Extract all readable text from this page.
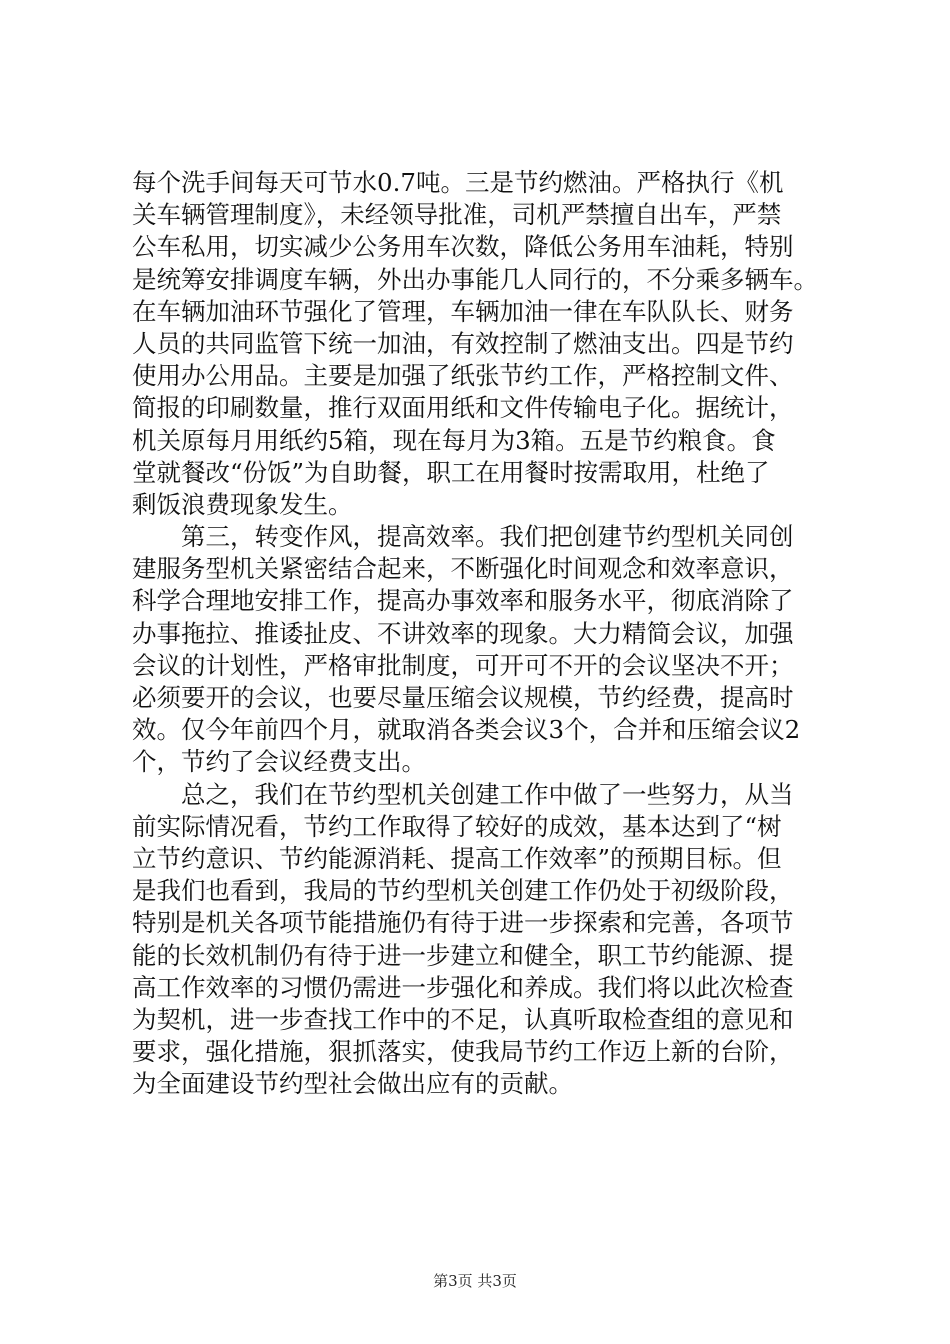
每个洗手间每天可节水0.7吨。三是节约燃油。严格执行《机
关车辆管理制度》，未经领导批准，司机严禁擅自出车，严禁
公车私用，切实减少公务用车次数，降低公务用车油耗，特别
是统筹安排调度车辆，外出办事能几人同行的，不分乘多辆车。
在车辆加油环节强化了管理，车辆加油一律在车队队长、财务
人员的共同监管下统一加油，有效控制了燃油支出。四是节约
使用办公用品。主要是加强了纸张节约工作，严格控制文件、
简报的印刷数量，推行双面用纸和文件传输电子化。据统计，
机关原每月用纸约5箱，现在每月为3箱。五是节约粮食。食
堂就餐改“份饭”为自助餐，职工在用餐时按需取用，杜绝了
剩饭浪费现象发生。
　　第三，转变作风，提高效率。我们把创建节约型机关同创
建服务型机关紧密结合起来，不断强化时间观念和效率意识，
科学合理地安排工作，提高办事效率和服务水平，彻底消除了
办事拖拉、推诿扯皮、不讲效率的现象。大力精简会议，加强
会议的计划性，严格审批制度，可开可不开的会议坚决不开；
必须要开的会议，也要尽量压缩会议规模，节约经费，提高时
效。仅今年前四个月，就取消各类会议3个，合并和压缩会议2
个，节约了会议经费支出。
　　总之，我们在节约型机关创建工作中做了一些努力，从当
前实际情况看，节约工作取得了较好的成效，基本达到了“树
立节约意识、节约能源消耗、提高工作效率”的预期目标。但
是我们也看到，我局的节约型机关创建工作仍处于初级阶段，
特别是机关各项节能措施仍有待于进一步探索和完善，各项节
能的长效机制仍有待于进一步建立和健全，职工节约能源、提
高工作效率的习惯仍需进一步强化和养成。我们将以此次检查
为契机，进一步查找工作中的不足，认真听取检查组的意见和
要求，强化措施，狠抓落实，使我局节约工作迈上新的台阶，
为全面建设节约型社会做出应有的贡献。
第3页 共3页
